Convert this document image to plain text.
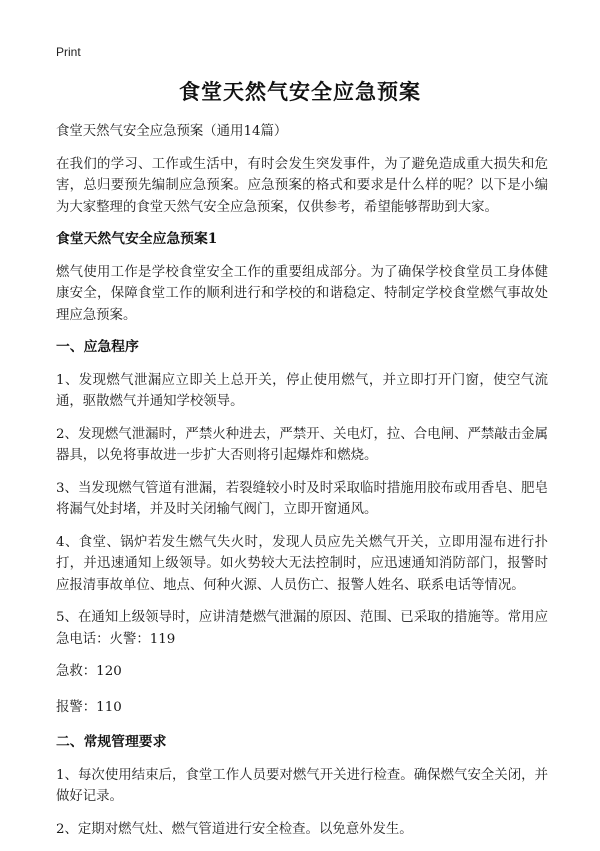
Print
食堂天然气安全应急预案
食堂天然气安全应急预案（通用14篇）
在我们的学习、工作或生活中，有时会发生突发事件，为了避免造成重大损失和危害，总归要预先编制应急预案。应急预案的格式和要求是什么样的呢？以下是小编为大家整理的食堂天然气安全应急预案，仅供参考，希望能够帮助到大家。
食堂天然气安全应急预案1
燃气使用工作是学校食堂安全工作的重要组成部分。为了确保学校食堂员工身体健康安全，保障食堂工作的顺利进行和学校的和谐稳定、特制定学校食堂燃气事故处理应急预案。
一、应急程序
1、发现燃气泄漏应立即关上总开关，停止使用燃气，并立即打开门窗，使空气流通，驱散燃气并通知学校领导。
2、发现燃气泄漏时，严禁火种进去，严禁开、关电灯，拉、合电闸、严禁敲击金属器具，以免将事故进一步扩大否则将引起爆炸和燃烧。
3、当发现燃气管道有泄漏，若裂缝较小时及时采取临时措施用胶布或用香皂、肥皂将漏气处封堵，并及时关闭输气阀门，立即开窗通风。
4、食堂、锅炉若发生燃气失火时，发现人员应先关燃气开关，立即用湿布进行扑打，并迅速通知上级领导。如火势较大无法控制时，应迅速通知消防部门，报警时应报清事故单位、地点、何种火源、人员伤亡、报警人姓名、联系电话等情况。
5、在通知上级领导时，应讲清楚燃气泄漏的原因、范围、已采取的措施等。常用应急电话：火警：119
急救：120
报警：110
二、常规管理要求
1、每次使用结束后，食堂工作人员要对燃气开关进行检查。确保燃气安全关闭，并做好记录。
2、定期对燃气灶、燃气管道进行安全检查。以免意外发生。
